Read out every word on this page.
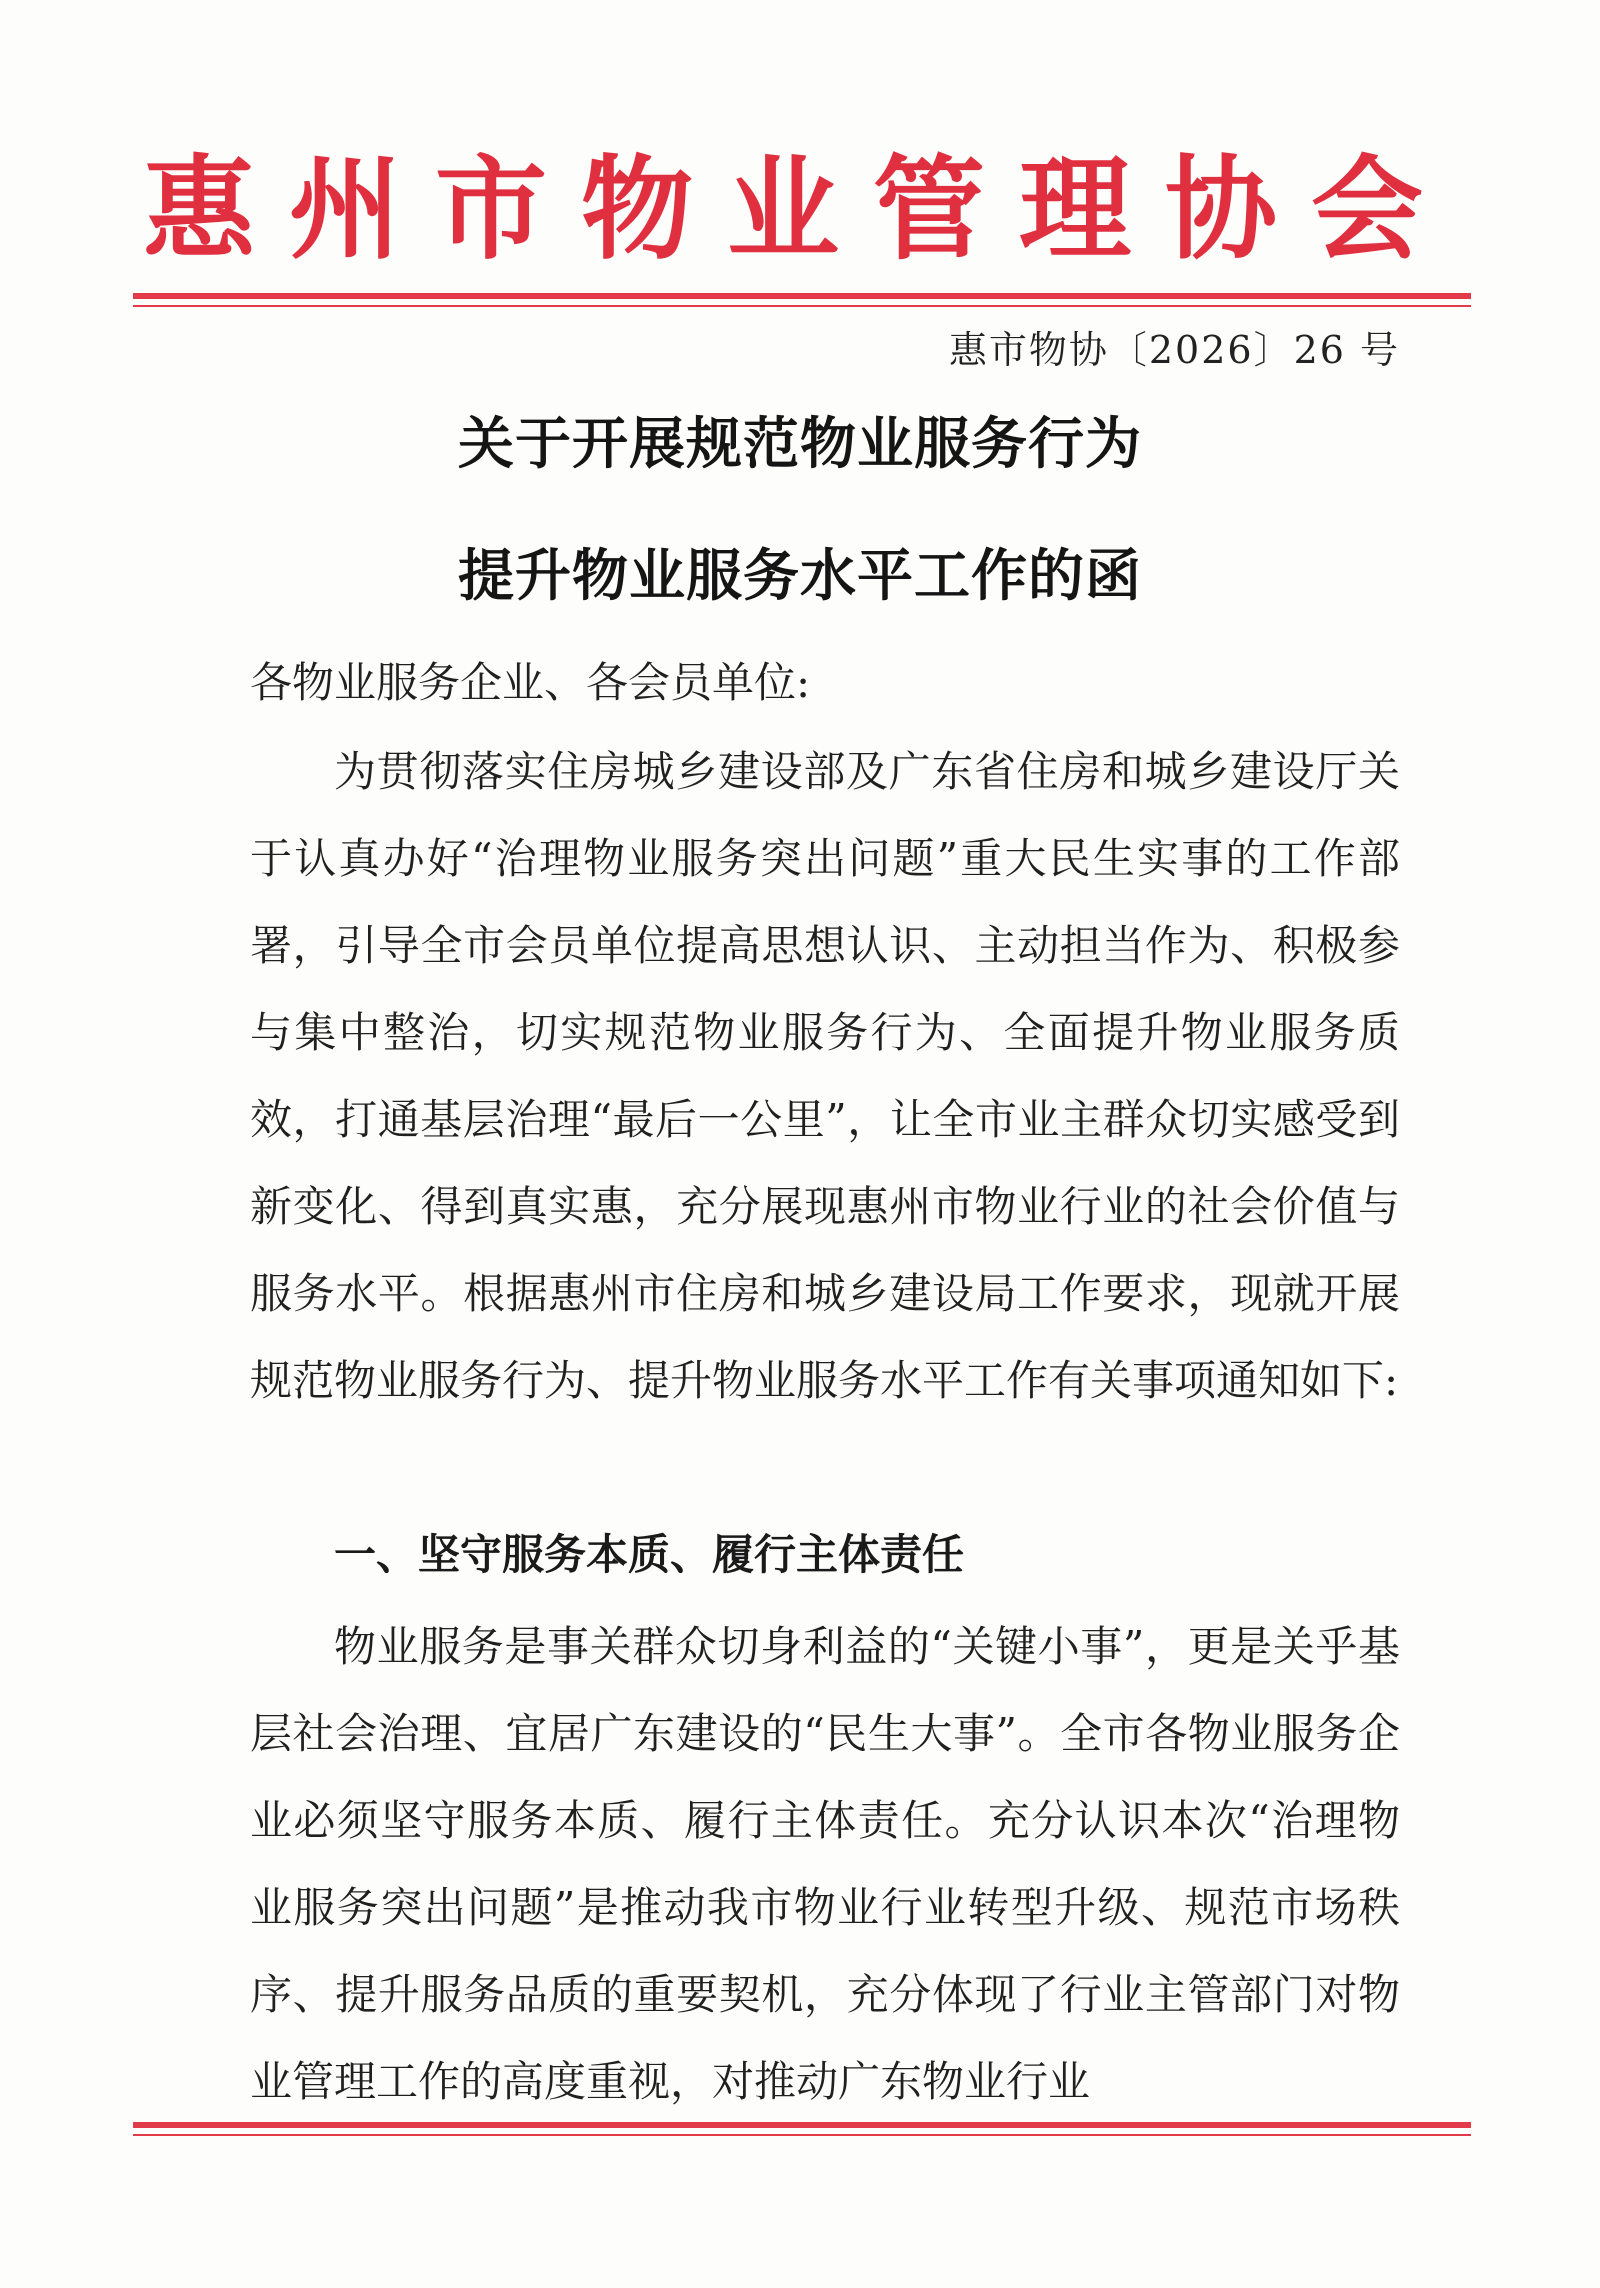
惠州市物业管理协会
惠市物协〔2026〕26 号
关于开展规范物业服务行为
提升物业服务水平工作的函
各物业服务企业、各会员单位:
为贯彻落实住房城乡建设部及广东省住房和城乡建设厅关于认真办好“治理物业服务突出问题”重大民生实事的工作部署，引导全市会员单位提高思想认识、主动担当作为、积极参与集中整治，切实规范物业服务行为、全面提升物业服务质效，打通基层治理“最后一公里”，让全市业主群众切实感受到新变化、得到真实惠，充分展现惠州市物业行业的社会价值与服务水平。根据惠州市住房和城乡建设局工作要求，现就开展规范物业服务行为、提升物业服务水平工作有关事项通知如下:
一、坚守服务本质、履行主体责任
物业服务是事关群众切身利益的“关键小事”，更是关乎基层社会治理、宜居广东建设的“民生大事”。全市各物业服务企业必须坚守服务本质、履行主体责任。充分认识本次“治理物业服务突出问题”是推动我市物业行业转型升级、规范市场秩序、提升服务品质的重要契机，充分体现了行业主管部门对物业管理工作的高度重视，对推动广东物业行业
